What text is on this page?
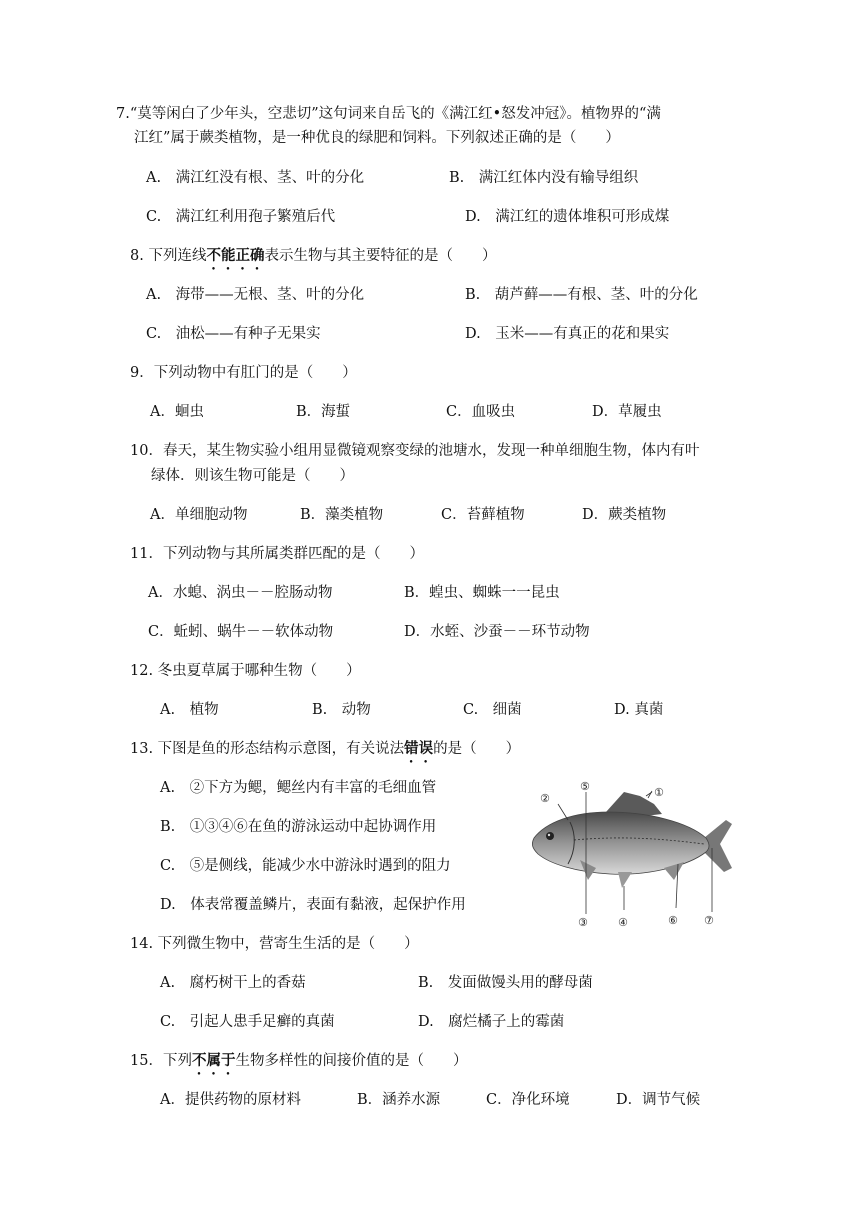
7.“莫等闲白了少年头，空悲切”这句词来自岳飞的《满江红•怒发冲冠》。植物界的“满
江红”属于蕨类植物，是一种优良的绿肥和饲料。下列叙述正确的是（　　）
A.　满江红没有根、茎、叶的分化	B.　满江红体内没有输导组织
C.　满江红利用孢子繁殖后代	D.　满江红的遗体堆积可形成煤
8. 下列连线不能正确表示生物与其主要特征的是（　　）
A.　海带——无根、茎、叶的分化	B.　葫芦藓——有根、茎、叶的分化
C.　油松——有种子无果实	D.　玉米——有真正的花和果实
9．下列动物中有肛门的是（　　）
A．蛔虫	B．海蜇	C．血吸虫	D．草履虫
10．春天，某生物实验小组用显微镜观察变绿的池塘水，发现一种单细胞生物，体内有叶
绿体．则该生物可能是（　　）
A．单细胞动物	B．藻类植物	C．苔藓植物	D．蕨类植物
11．下列动物与其所属类群匹配的是（　　）
A．水螅、涡虫－－腔肠动物	B．蝗虫、蜘蛛一一昆虫
C．蚯蚓、蜗牛－－软体动物	D．水蛭、沙蚕－－环节动物
12. 冬虫夏草属于哪种生物（　　）
A.　植物	B.　动物	C.　细菌	D. 真菌
13. 下图是鱼的形态结构示意图，有关说法错误的是（　　）
A.　②下方为鳃，鳃丝内有丰富的毛细血管
B.　①③④⑥在鱼的游泳运动中起协调作用
C.　⑤是侧线，能减少水中游泳时遇到的阻力
D.　体表常覆盖鳞片，表面有黏液，起保护作用
①
②
③	④
⑤
⑥ ⑦
14. 下列微生物中，营寄生生活的是（　　）
A.　腐朽树干上的香菇	B.　发面做馒头用的酵母菌
C.　引起人患手足癣的真菌	D.　腐烂橘子上的霉菌
15．下列不属于生物多样性的间接价值的是（　　）
A．提供药物的原材料	B．涵养水源	C．净化环境	D．调节气候
